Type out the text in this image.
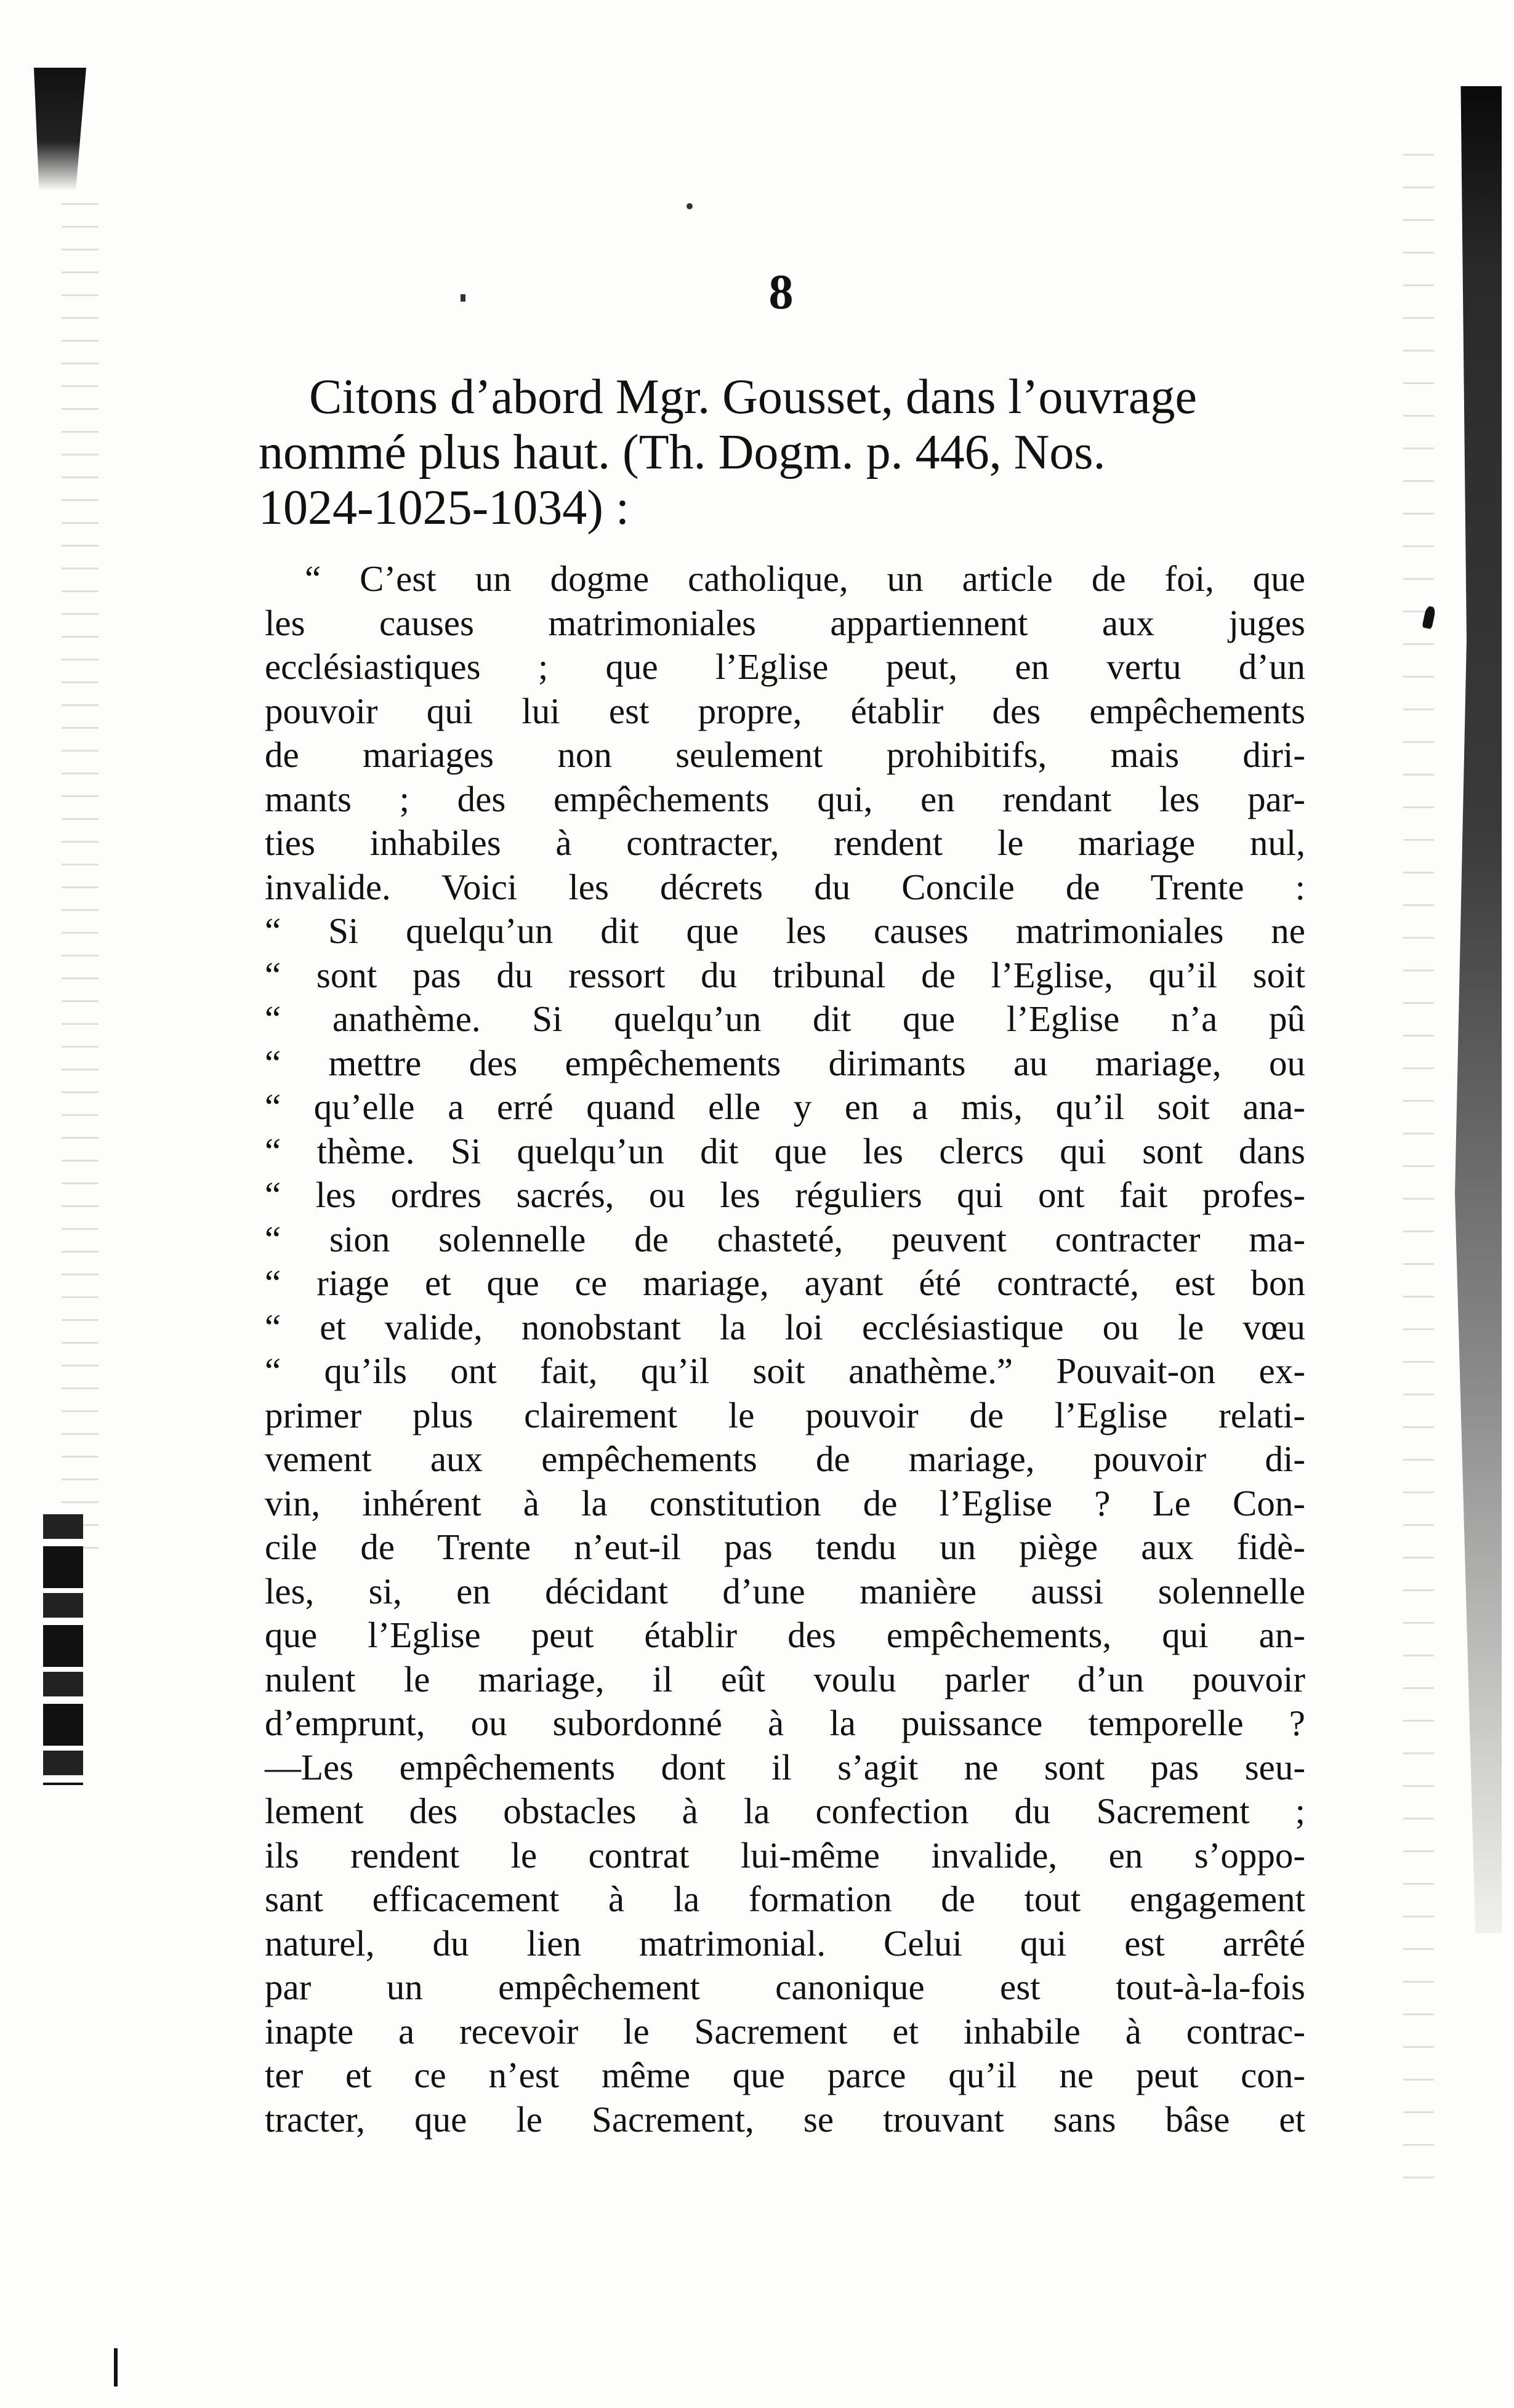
8
Citons d’abord Mgr. Gousset, dans l’ouvrage
nommé plus haut. (Th. Dogm. p. 446, Nos.
1024-1025-1034) :
“ C’est un dogme catholique, un article de foi, que
les causes matrimoniales appartiennent aux juges
ecclésiastiques ; que l’Eglise peut, en vertu d’un
pouvoir qui lui est propre, établir des empêchements
de mariages non seulement prohibitifs, mais diri-
mants ; des empêchements qui, en rendant les par-
ties inhabiles à contracter, rendent le mariage nul,
invalide. Voici les décrets du Concile de Trente :
“ Si quelqu’un dit que les causes matrimoniales ne
“ sont pas du ressort du tribunal de l’Eglise, qu’il soit
“ anathème. Si quelqu’un dit que l’Eglise n’a pû
“ mettre des empêchements dirimants au mariage, ou
“ qu’elle a erré quand elle y en a mis, qu’il soit ana-
“ thème. Si quelqu’un dit que les clercs qui sont dans
“ les ordres sacrés, ou les réguliers qui ont fait profes-
“ sion solennelle de chasteté, peuvent contracter ma-
“ riage et que ce mariage, ayant été contracté, est bon
“ et valide, nonobstant la loi ecclésiastique ou le vœu
“ qu’ils ont fait, qu’il soit anathème.” Pouvait-on ex-
primer plus clairement le pouvoir de l’Eglise relati-
vement aux empêchements de mariage, pouvoir di-
vin, inhérent à la constitution de l’Eglise ? Le Con-
cile de Trente n’eut-il pas tendu un piège aux fidè-
les, si, en décidant d’une manière aussi solennelle
que l’Eglise peut établir des empêchements, qui an-
nulent le mariage, il eût voulu parler d’un pouvoir
d’emprunt, ou subordonné à la puissance temporelle ?
—Les empêchements dont il s’agit ne sont pas seu-
lement des obstacles à la confection du Sacrement ;
ils rendent le contrat lui-même invalide, en s’oppo-
sant efficacement à la formation de tout engagement
naturel, du lien matrimonial. Celui qui est arrêté
par un empêchement canonique est tout-à-la-fois
inapte a recevoir le Sacrement et inhabile à contrac-
ter et ce n’est même que parce qu’il ne peut con-
tracter, que le Sacrement, se trouvant sans bâse et
